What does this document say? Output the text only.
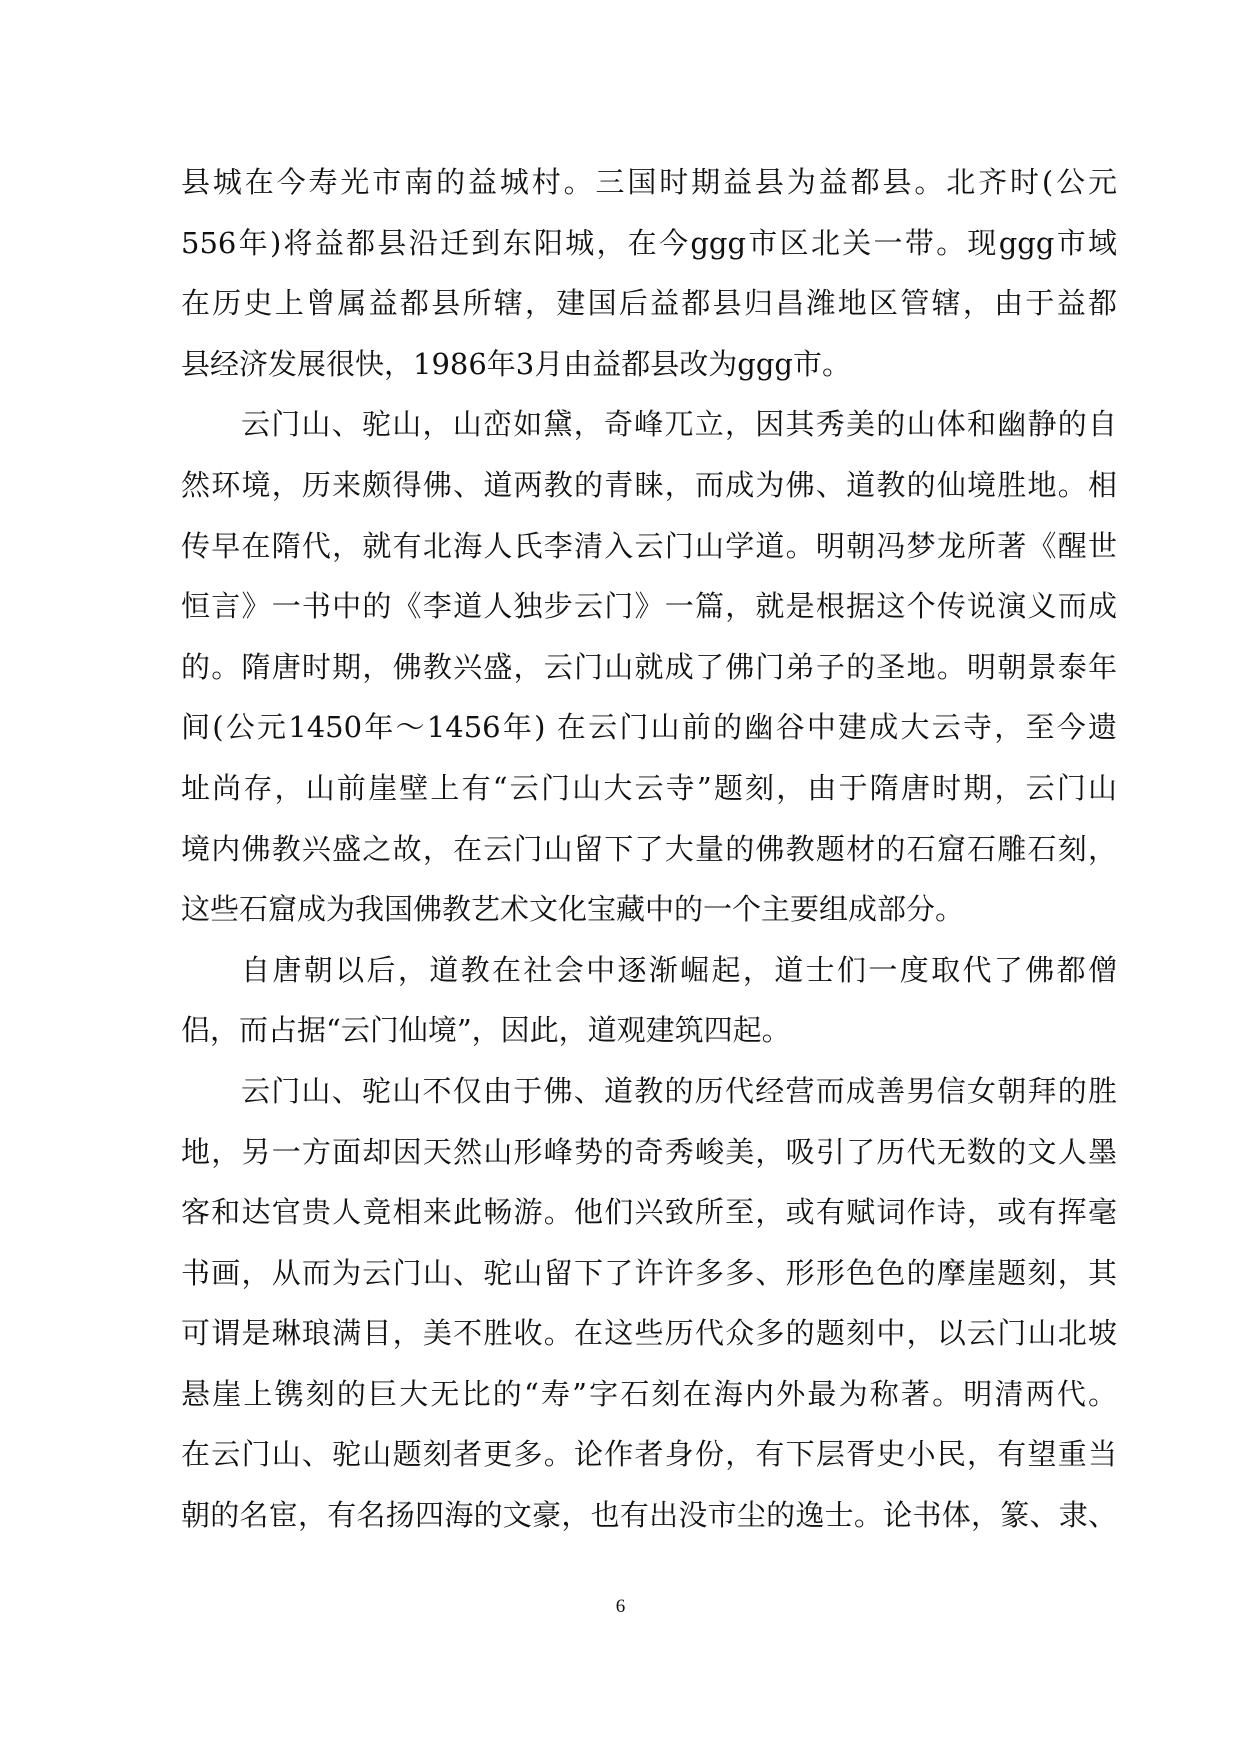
县城在今寿光市南的益城村。三国时期益县为益都县。北齐时(公元
556年)将益都县沿迁到东阳城，在今ggg市区北关一带。现ggg市域
在历史上曾属益都县所辖，建国后益都县归昌潍地区管辖，由于益都
县经济发展很快，1986年3月由益都县改为ggg市。
云门山、驼山，山峦如黛，奇峰兀立，因其秀美的山体和幽静的自
然环境，历来颇得佛、道两教的青睐，而成为佛、道教的仙境胜地。相
传早在隋代，就有北海人氏李清入云门山学道。明朝冯梦龙所著《醒世
恒言》一书中的《李道人独步云门》一篇，就是根据这个传说演义而成
的。隋唐时期，佛教兴盛，云门山就成了佛门弟子的圣地。明朝景泰年
间(公元1450年～1456年) 在云门山前的幽谷中建成大云寺，至今遗
址尚存，山前崖壁上有“云门山大云寺”题刻，由于隋唐时期，云门山
境内佛教兴盛之故，在云门山留下了大量的佛教题材的石窟石雕石刻，
这些石窟成为我国佛教艺术文化宝藏中的一个主要组成部分。
自唐朝以后，道教在社会中逐渐崛起，道士们一度取代了佛都僧
侣，而占据“云门仙境”，因此，道观建筑四起。
云门山、驼山不仅由于佛、道教的历代经营而成善男信女朝拜的胜
地，另一方面却因天然山形峰势的奇秀峻美，吸引了历代无数的文人墨
客和达官贵人竟相来此畅游。他们兴致所至，或有赋词作诗，或有挥毫
书画，从而为云门山、驼山留下了许许多多、形形色色的摩崖题刻，其
可谓是琳琅满目，美不胜收。在这些历代众多的题刻中，以云门山北坡
悬崖上镌刻的巨大无比的“寿”字石刻在海内外最为称著。明清两代。
在云门山、驼山题刻者更多。论作者身份，有下层胥史小民，有望重当
朝的名宦，有名扬四海的文豪，也有出没市尘的逸士。论书体，篆、隶、
6
